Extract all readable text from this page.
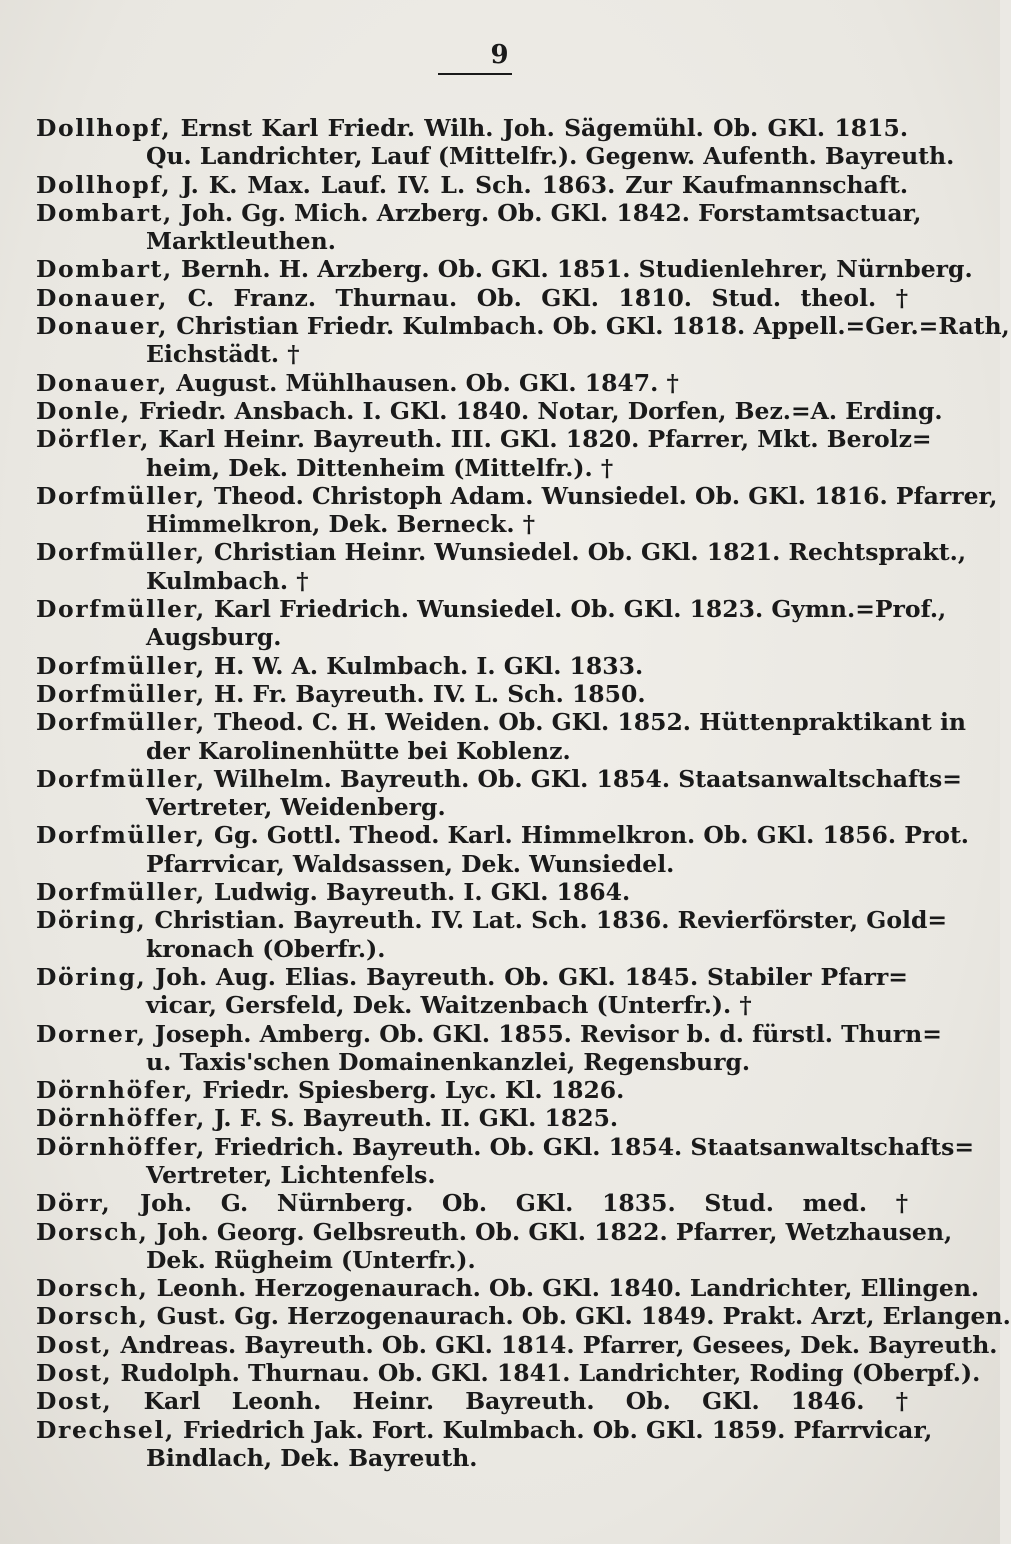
9
Dollhopf, Ernst Karl Friedr. Wilh. Joh. Sägemühl. Ob. GKl. 1815.
Qu. Landrichter, Lauf (Mittelfr.). Gegenw. Aufenth. Bayreuth.
Dollhopf, J. K. Max. Lauf. IV. L. Sch. 1863. Zur Kaufmannschaft.
Dombart, Joh. Gg. Mich. Arzberg. Ob. GKl. 1842. Forstamtsactuar,
Marktleuthen.
Dombart, Bernh. H. Arzberg. Ob. GKl. 1851. Studienlehrer, Nürnberg.
Donauer, C. Franz. Thurnau. Ob. GKl. 1810. Stud. theol. †
Donauer, Christian Friedr. Kulmbach. Ob. GKl. 1818. Appell.=Ger.=Rath,
Eichstädt. †
Donauer, August. Mühlhausen. Ob. GKl. 1847. †
Donle, Friedr. Ansbach. I. GKl. 1840. Notar, Dorfen, Bez.=A. Erding.
Dörfler, Karl Heinr. Bayreuth. III. GKl. 1820. Pfarrer, Mkt. Berolz=
heim, Dek. Dittenheim (Mittelfr.). †
Dorfmüller, Theod. Christoph Adam. Wunsiedel. Ob. GKl. 1816. Pfarrer,
Himmelkron, Dek. Berneck. †
Dorfmüller, Christian Heinr. Wunsiedel. Ob. GKl. 1821. Rechtsprakt.,
Kulmbach. †
Dorfmüller, Karl Friedrich. Wunsiedel. Ob. GKl. 1823. Gymn.=Prof.,
Augsburg.
Dorfmüller, H. W. A. Kulmbach. I. GKl. 1833.
Dorfmüller, H. Fr. Bayreuth. IV. L. Sch. 1850.
Dorfmüller, Theod. C. H. Weiden. Ob. GKl. 1852. Hüttenpraktikant in
der Karolinenhütte bei Koblenz.
Dorfmüller, Wilhelm. Bayreuth. Ob. GKl. 1854. Staatsanwaltschafts=
Vertreter, Weidenberg.
Dorfmüller, Gg. Gottl. Theod. Karl. Himmelkron. Ob. GKl. 1856. Prot.
Pfarrvicar, Waldsassen, Dek. Wunsiedel.
Dorfmüller, Ludwig. Bayreuth. I. GKl. 1864.
Döring, Christian. Bayreuth. IV. Lat. Sch. 1836. Revierförster, Gold=
kronach (Oberfr.).
Döring, Joh. Aug. Elias. Bayreuth. Ob. GKl. 1845. Stabiler Pfarr=
vicar, Gersfeld, Dek. Waitzenbach (Unterfr.). †
Dorner, Joseph. Amberg. Ob. GKl. 1855. Revisor b. d. fürstl. Thurn=
u. Taxis'schen Domainenkanzlei, Regensburg.
Dörnhöfer, Friedr. Spiesberg. Lyc. Kl. 1826.
Dörnhöffer, J. F. S. Bayreuth. II. GKl. 1825.
Dörnhöffer, Friedrich. Bayreuth. Ob. GKl. 1854. Staatsanwaltschafts=
Vertreter, Lichtenfels.
Dörr, Joh. G. Nürnberg. Ob. GKl. 1835. Stud. med. †
Dorsch, Joh. Georg. Gelbsreuth. Ob. GKl. 1822. Pfarrer, Wetzhausen,
Dek. Rügheim (Unterfr.).
Dorsch, Leonh. Herzogenaurach. Ob. GKl. 1840. Landrichter, Ellingen.
Dorsch, Gust. Gg. Herzogenaurach. Ob. GKl. 1849. Prakt. Arzt, Erlangen.
Dost, Andreas. Bayreuth. Ob. GKl. 1814. Pfarrer, Gesees, Dek. Bayreuth.
Dost, Rudolph. Thurnau. Ob. GKl. 1841. Landrichter, Roding (Oberpf.).
Dost, Karl Leonh. Heinr. Bayreuth. Ob. GKl. 1846. †
Drechsel, Friedrich Jak. Fort. Kulmbach. Ob. GKl. 1859. Pfarrvicar,
Bindlach, Dek. Bayreuth.
